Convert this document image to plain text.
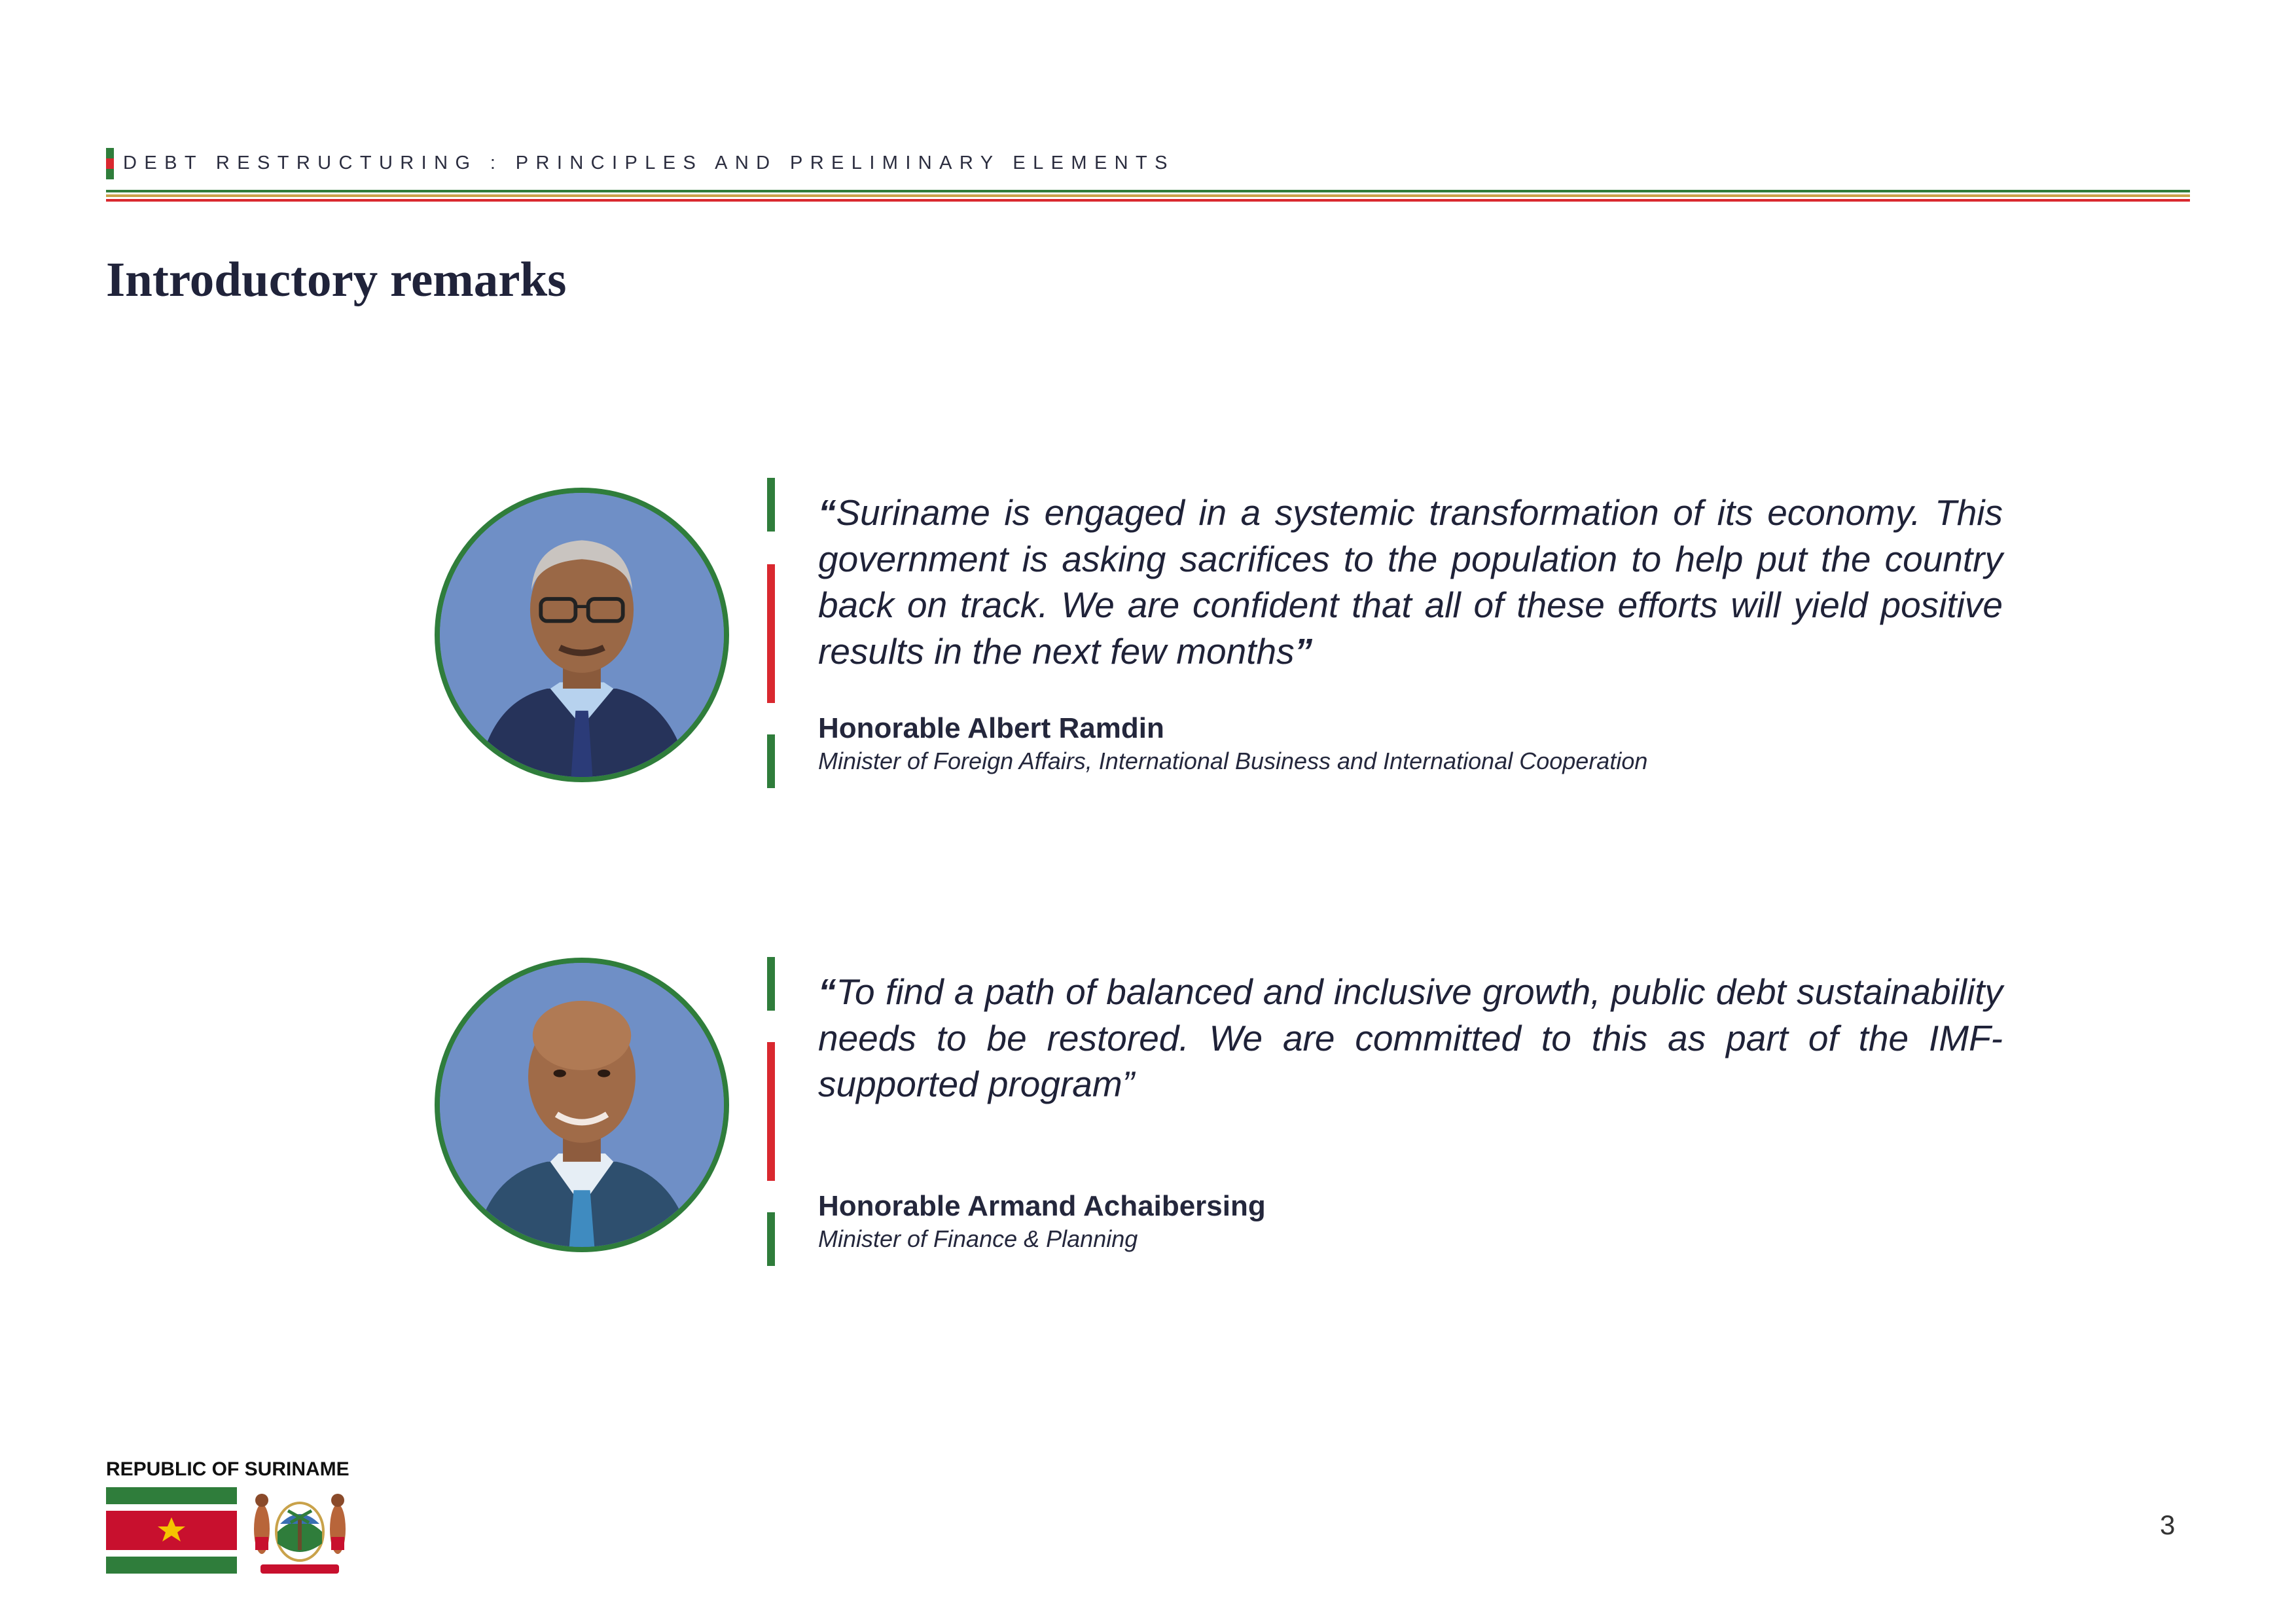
DEBT RESTRUCTURING : PRINCIPLES AND PRELIMINARY ELEMENTS
Introductory remarks
“Suriname is engaged in a systemic transformation of its economy. This government is asking sacrifices to the population to help put the country back on track. We are confident that all of these efforts will yield positive results in the next few months”
Honorable Albert Ramdin
Minister of Foreign Affairs, International Business and International Cooperation
“To find a path of balanced and inclusive growth, public debt sustainability needs to be restored. We are committed to this as part of the IMF-supported program”
Honorable Armand Achaibersing
Minister of Finance & Planning
REPUBLIC OF SURINAME
3
